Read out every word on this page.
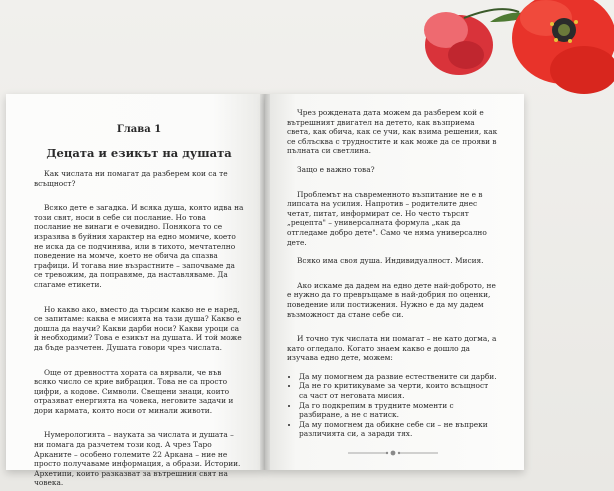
Глава 1
Децата и езикът на душата

Как числата ни помагат да разберем кои са те всъщност?

Всяко дете е загадка. И всяка душа, която идва на този свят, носи в себе си послание. Но това послание не винаги е очевидно. Понякога то се изразява в буйния характер на едно момиче, което не иска да се подчинява, или в тихото, мечтателно поведение на момче, което не обича да спазва графици. И тогава ние възрастните – започваме да се тревожим, да поправяме, да наставляваме. Да слагаме етикети.

Но какво ако, вместо да търсим какво не е наред, се запитаме: каква е мисията на тази душа? Какво е дошла да научи? Какви дарби носи? Какви уроци са ѝ необходими? Това е езикът на душата. И той може да бъде разчетен. Душата говори чрез числата.

Още от древността хората са вярвали, че във всяко число се крие вибрация. Това не са просто цифри, а кодове. Символи. Свещени знаци, които отразяват енергията на човека, неговите задачи и дори кармата, която носи от минали животи.

Нумерологията – науката за числата и душата – ни помага да разчетем този код. А чрез Таро Арканите – особено големите 22 Аркана – ние не просто получаваме информация, а образи. Истории. Архетипи, които разказват за вътрешния свят на човека.

Чрез рождената дата можем да разберем кой е вътрешният двигател на детето, как възприема света, как обича, как се учи, как взима решения, как се сблъсква с трудностите и как може да се прояви в пълната си светлина.

Защо е важно това?

Проблемът на съвременното възпитание не е в липсата на усилия. Напротив – родителите днес четат, питат, информират се. Но често търсят „рецепта" – универсалната формула „как да отгледаме добро дете". Само че няма универсално дете.

Всяко има своя душа. Индивидуалност. Мисия.

Ако искаме да дадем на едно дете най-доброто, не е нужно да го превръщаме в най-добрия по оценки, поведение или постижения. Нужно е да му дадем възможност да стане себе си.

И точно тук числата ни помагат – не като догма, а като огледало. Когато знаем какво е дошло да изучава едно дете, можем:

• Да му помогнем да развие естествените си дарби.
• Да не го критикуваме за черти, които всъщност са част от неговата мисия.
• Да го подкрепим в трудните моменти с разбиране, а не с натиск.
• Да му помогнем да обикне себе си – не въпреки различията си, а заради тях.
